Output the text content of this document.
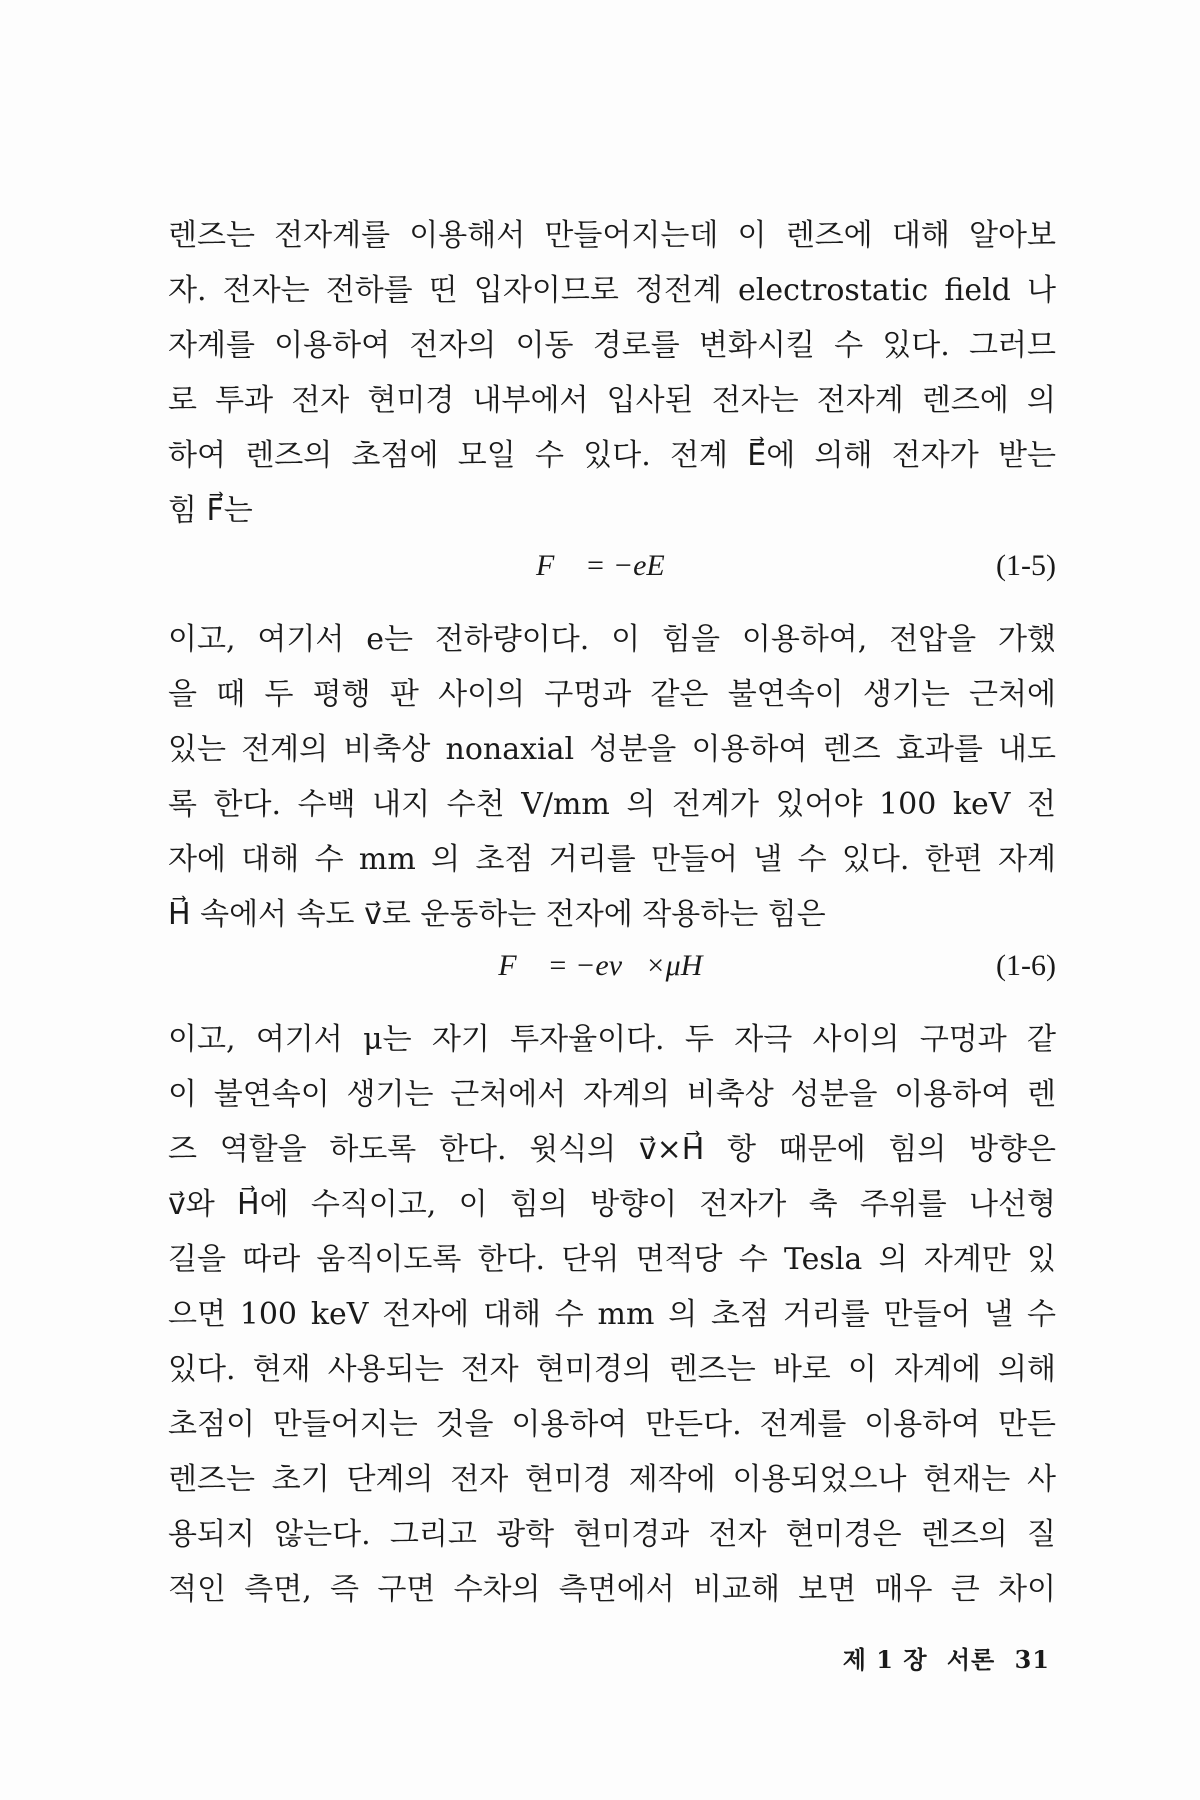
렌즈는 전자계를 이용해서 만들어지는데 이 렌즈에 대해 알아보
자. 전자는 전하를 띤 입자이므로 정전계 electrostatic field 나
자계를 이용하여 전자의 이동 경로를 변화시킬 수 있다. 그러므
로 투과 전자 현미경 내부에서 입사된 전자는 전자계 렌즈에 의
하여 렌즈의 초점에 모일 수 있다. 전계 E⃗에 의해 전자가 받는
힘 F⃗는
F⃗ = −eE⃗	(1-5)
이고, 여기서 e는 전하량이다. 이 힘을 이용하여, 전압을 가했
을 때 두 평행 판 사이의 구멍과 같은 불연속이 생기는 근처에
있는 전계의 비축상 nonaxial 성분을 이용하여 렌즈 효과를 내도
록 한다. 수백 내지 수천 V/mm 의 전계가 있어야 100 keV 전
자에 대해 수 mm 의 초점 거리를 만들어 낼 수 있다. 한편 자계
H⃗ 속에서 속도 v⃗로 운동하는 전자에 작용하는 힘은
F⃗ = −ev⃗×μH⃗	(1-6)
이고, 여기서 μ는 자기 투자율이다. 두 자극 사이의 구멍과 같
이 불연속이 생기는 근처에서 자계의 비축상 성분을 이용하여 렌
즈 역할을 하도록 한다. 윗식의 v⃗×H⃗ 항 때문에 힘의 방향은
v⃗와 H⃗에 수직이고, 이 힘의 방향이 전자가 축 주위를 나선형
길을 따라 움직이도록 한다. 단위 면적당 수 Tesla 의 자계만 있
으면 100 keV 전자에 대해 수 mm 의 초점 거리를 만들어 낼 수
있다. 현재 사용되는 전자 현미경의 렌즈는 바로 이 자계에 의해
초점이 만들어지는 것을 이용하여 만든다. 전계를 이용하여 만든
렌즈는 초기 단계의 전자 현미경 제작에 이용되었으나 현재는 사
용되지 않는다. 그리고 광학 현미경과 전자 현미경은 렌즈의 질
적인 측면, 즉 구면 수차의 측면에서 비교해 보면 매우 큰 차이
제 1 장 서론 31
